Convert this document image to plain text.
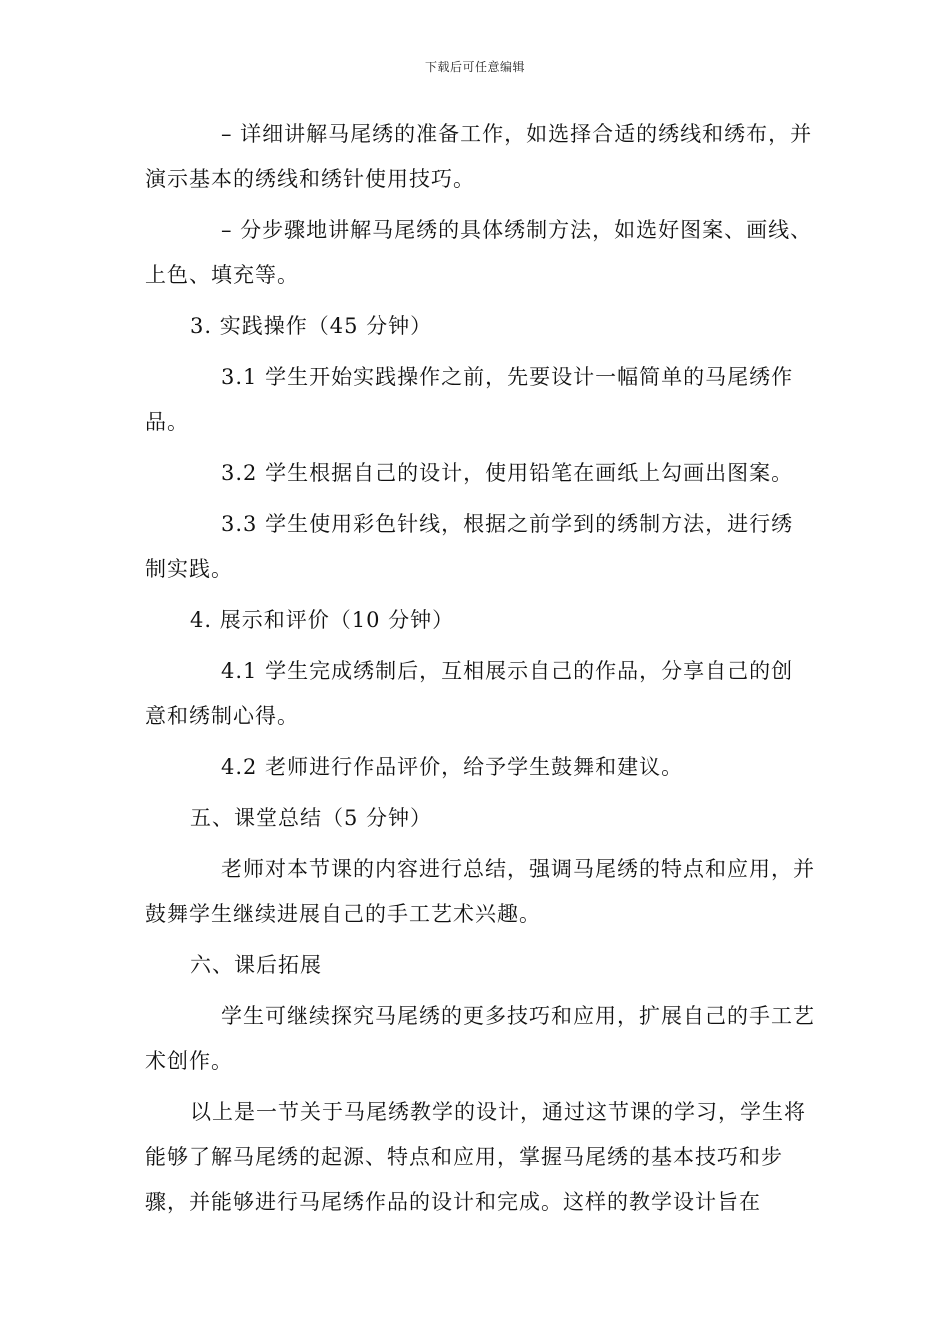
下载后可任意编辑

– 详细讲解马尾绣的准备工作，如选择合适的绣线和绣布，并演示基本的绣线和绣针使用技巧。

– 分步骤地讲解马尾绣的具体绣制方法，如选好图案、画线、上色、填充等。

3. 实践操作（45 分钟）

3.1 学生开始实践操作之前，先要设计一幅简单的马尾绣作品。

3.2 学生根据自己的设计，使用铅笔在画纸上勾画出图案。

3.3 学生使用彩色针线，根据之前学到的绣制方法，进行绣制实践。

4. 展示和评价（10 分钟）

4.1 学生完成绣制后，互相展示自己的作品，分享自己的创意和绣制心得。

4.2 老师进行作品评价，给予学生鼓舞和建议。

五、课堂总结（5 分钟）

老师对本节课的内容进行总结，强调马尾绣的特点和应用，并鼓舞学生继续进展自己的手工艺术兴趣。

六、课后拓展

学生可继续探究马尾绣的更多技巧和应用，扩展自己的手工艺术创作。

以上是一节关于马尾绣教学的设计，通过这节课的学习，学生将能够了解马尾绣的起源、特点和应用，掌握马尾绣的基本技巧和步骤，并能够进行马尾绣作品的设计和完成。这样的教学设计旨在
